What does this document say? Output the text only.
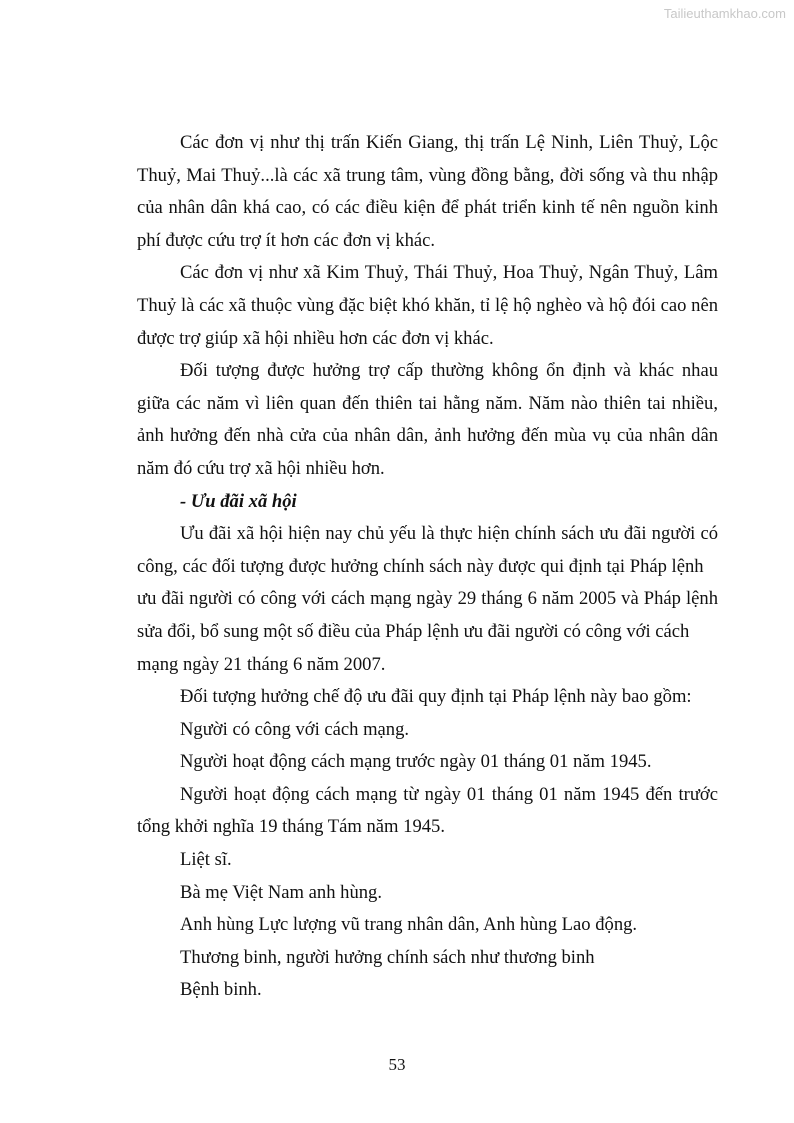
Tailieuthamkhao.com
Các đơn vị như thị trấn Kiến Giang, thị trấn Lệ Ninh, Liên Thuỷ, Lộc
Thuỷ, Mai Thuỷ...là các xã trung tâm, vùng đồng bằng, đời sống và thu nhập
của nhân dân khá cao, có các điều kiện để phát triển kinh tế nên nguồn kinh
phí được cứu trợ ít hơn các đơn vị khác.
Các đơn vị như xã Kim Thuỷ, Thái Thuỷ, Hoa Thuỷ, Ngân Thuỷ, Lâm
Thuỷ là các xã thuộc vùng đặc biệt khó khăn, tỉ lệ hộ nghèo và hộ đói cao nên
được trợ giúp xã hội nhiều hơn các đơn vị khác.
Đối tượng được hưởng trợ cấp thường không ổn định và khác nhau
giữa các năm vì liên quan đến thiên tai hằng năm. Năm nào thiên tai nhiều,
ảnh hưởng đến nhà cửa của nhân dân, ảnh hưởng đến mùa vụ của nhân dân
năm đó cứu trợ xã hội nhiều hơn.
- Ưu đãi xã hội
Ưu đãi xã hội hiện nay chủ yếu là thực hiện chính sách ưu đãi người có
công, các đối tượng được hưởng chính sách này được qui định tại Pháp lệnh
ưu đãi người có công với cách mạng ngày 29 tháng 6 năm 2005 và Pháp lệnh
sửa đổi, bổ sung một số điều của Pháp lệnh ưu đãi người có công với cách
mạng ngày 21 tháng 6 năm 2007.
Đối tượng hưởng chế độ ưu đãi quy định tại Pháp lệnh này bao gồm:
Người có công với cách mạng.
Người hoạt động cách mạng trước ngày 01 tháng 01 năm 1945.
Người hoạt động cách mạng từ ngày 01 tháng 01 năm 1945 đến trước
tổng khởi nghĩa 19 tháng Tám năm 1945.
Liệt sĩ.
Bà mẹ Việt Nam anh hùng.
Anh hùng Lực lượng vũ trang nhân dân, Anh hùng Lao động.
Thương binh, người hưởng chính sách như thương binh
Bệnh binh.
53
